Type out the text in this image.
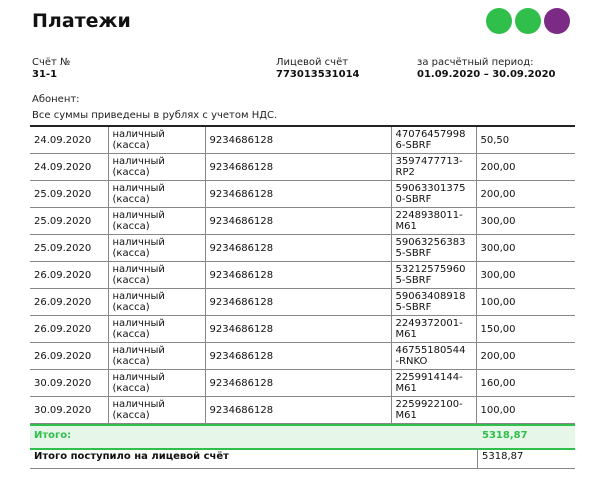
Платежи
Счёт №
31-1
Лицевой счёт
773013531014
за расчётный период:
01.09.2020 – 30.09.2020
Абонент:
Все суммы приведены в рублях с учетом НДС.
24.09.2020	наличный (касса)	9234686128	47076457998 6-SBRF	50,50
24.09.2020	наличный (касса)	9234686128	3597477713- RP2	200,00
25.09.2020	наличный (касса)	9234686128	59063301375 0-SBRF	200,00
25.09.2020	наличный (касса)	9234686128	2248938011- M61	300,00
25.09.2020	наличный (касса)	9234686128	59063256383 5-SBRF	300,00
26.09.2020	наличный (касса)	9234686128	53212575960 5-SBRF	300,00
26.09.2020	наличный (касса)	9234686128	59063408918 5-SBRF	100,00
26.09.2020	наличный (касса)	9234686128	2249372001- M61	150,00
26.09.2020	наличный (касса)	9234686128	46755180544 -RNKO	200,00
30.09.2020	наличный (касса)	9234686128	2259914144- M61	160,00
30.09.2020	наличный (касса)	9234686128	2259922100- M61	100,00
Итого:	5318,87
Итого поступило на лицевой счёт	5318,87
